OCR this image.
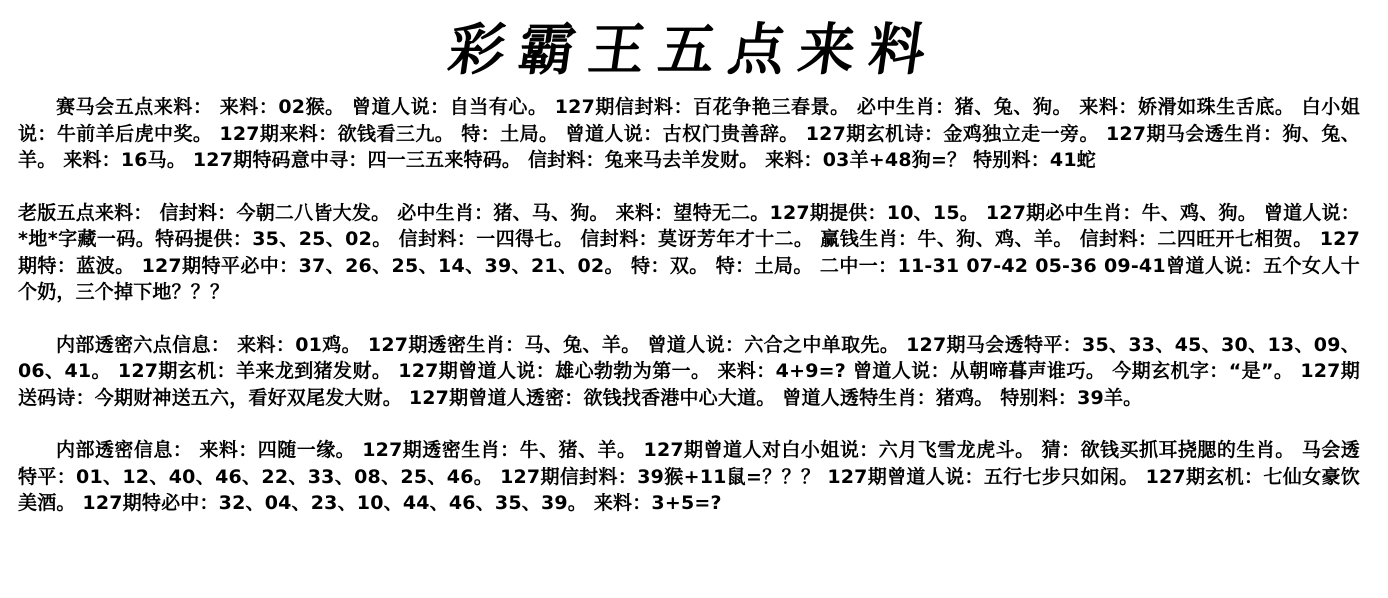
彩霸王五点来料

赛马会五点来料： 来料：02猴。 曾道人说：自当有心。 127期信封料：百花争艳三春景。 必中生肖：猪、兔、狗。 来料：娇滑如珠生舌底。 白小姐说：牛前羊后虎中奖。 127期来料：欲钱看三九。 特：土局。 曾道人说：古权门贵善辞。 127期玄机诗：金鸡独立走一旁。 127期马会透生肖：狗、兔、羊。 来料：16马。 127期特码意中寻：四一三五来特码。 信封料：兔来马去羊发财。 来料：03羊+48狗=？ 特别料：41蛇

老版五点来料： 信封料：今朝二八皆大发。 必中生肖：猪、马、狗。 来料：望特无二。127期提供：10、15。 127期必中生肖：牛、鸡、狗。 曾道人说：*地*字藏一码。特码提供：35、25、02。 信封料：一四得七。 信封料：莫讶芳年才十二。 赢钱生肖：牛、狗、鸡、羊。 信封料：二四旺开七相贺。 127期特：蓝波。 127期特平必中：37、26、25、14、39、21、02。 特：双。 特：土局。 二中一：11-31 07-42 05-36 09-41曾道人说：五个女人十个奶，三个掉下地？？？

内部透密六点信息： 来料：01鸡。 127期透密生肖：马、兔、羊。 曾道人说：六合之中单取先。 127期马会透特平：35、33、45、30、13、09、06、41。 127期玄机：羊来龙到猪发财。 127期曾道人说：雄心勃勃为第一。 来料：4+9=? 曾道人说：从朝啼暮声谁巧。 今期玄机字：“是”。 127期送码诗：今期财神送五六，看好双尾发大财。 127期曾道人透密：欲钱找香港中心大道。 曾道人透特生肖：猪鸡。 特别料：39羊。

内部透密信息： 来料：四随一缘。 127期透密生肖：牛、猪、羊。 127期曾道人对白小姐说：六月飞雪龙虎斗。 猜：欲钱买抓耳挠腮的生肖。 马会透特平：01、12、40、46、22、33、08、25、46。 127期信封料：39猴+11鼠=？？？ 127期曾道人说：五行七步只如闲。 127期玄机：七仙女豪饮美酒。 127期特必中：32、04、23、10、44、46、35、39。 来料：3+5=?
